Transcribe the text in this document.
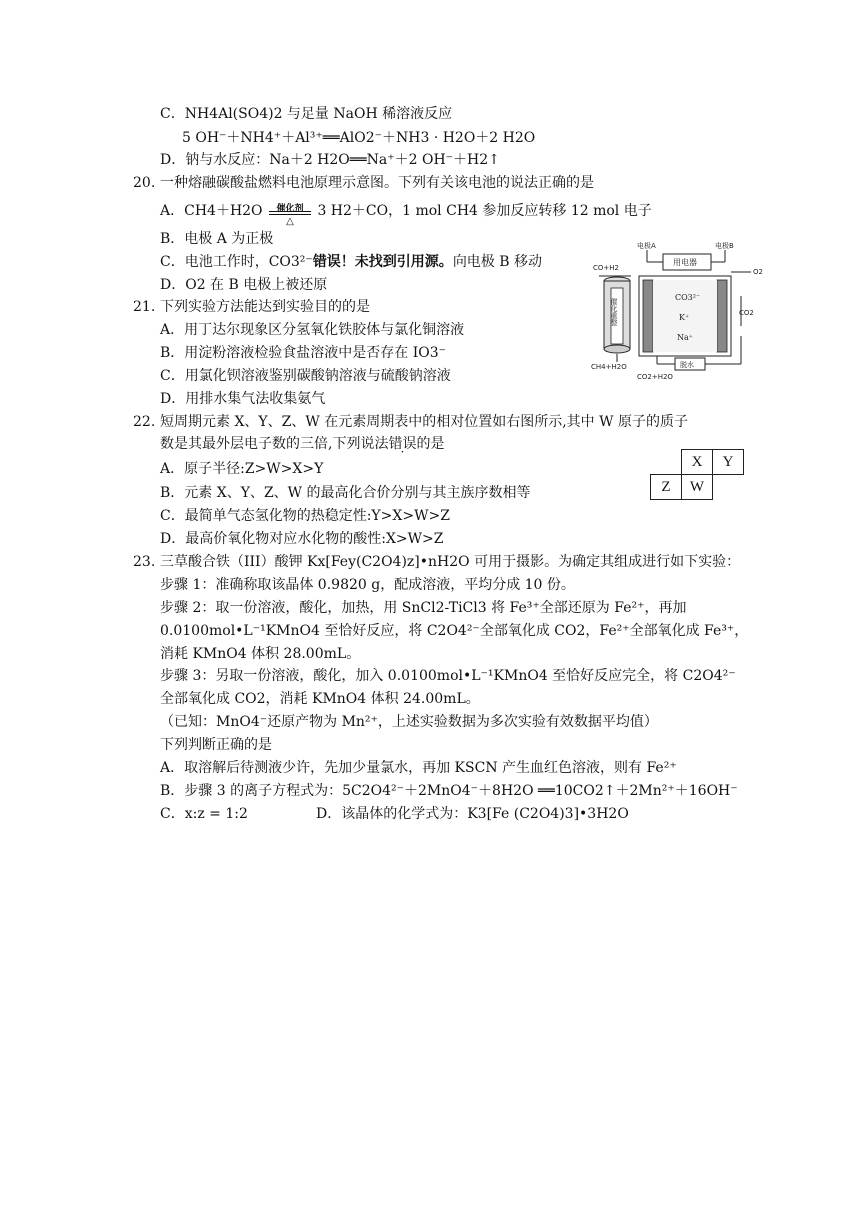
C．NH4Al(SO4)2 与足量 NaOH 稀溶液反应
5 OH⁻＋NH4⁺＋Al³⁺══AlO2⁻＋NH3 · H2O＋2 H2O
D．钠与水反应：Na＋2 H2O══Na⁺＋2 OH⁻＋H2↑
20. 一种熔融碳酸盐燃料电池原理示意图。下列有关该电池的说法正确的是
A．CH4＋H2O	催化剂
△
3 H2＋CO，1 mol CH4 参加反应转移 12 mol 电子
B．电极 A 为正极
C．电池工作时，CO3²⁻错误！未找到引用源。向电极 B 移动
D．O2 在 B 电极上被还原
电极A	电极B
CO+H2	O2
CO2
CH4+H2O
CO2+H2O
用电器
催化重整
CO3²⁻
K⁺
Na⁺
脱水
21. 下列实验方法能达到实验目的的是
A．用丁达尔现象区分氢氧化铁胶体与氯化铜溶液
B．用淀粉溶液检验食盐溶液中是否存在 IO3⁻
C．用氯化钡溶液鉴别碳酸钠溶液与硫酸钠溶液
D．用排水集气法收集氨气
22. 短周期元素 X、Y、Z、W 在元素周期表中的相对位置如右图所示,其中 W 原子的质子
数是其最外层电子数的三倍,下列说法错误的是
A．原子半径:Z>W>X>Y
B．元素 X、Y、Z、W 的最高化合价分别与其主族序数相等
C．最简单气态氢化物的热稳定性:Y>X>W>Z
D．最高价氧化物对应水化物的酸性:X>W>Z
	X	Y
Z	W	
23. 三草酸合铁（III）酸钾 Kx[Fey(C2O4)z]•nH2O 可用于摄影。为确定其组成进行如下实验：
步骤 1：准确称取该晶体 0.9820 g，配成溶液，平均分成 10 份。
步骤 2：取一份溶液，酸化，加热，用 SnCl2-TiCl3 将 Fe³⁺全部还原为 Fe²⁺，再加
0.0100mol•L⁻¹KMnO4 至恰好反应，将 C2O4²⁻全部氧化成 CO2，Fe²⁺全部氧化成 Fe³⁺，
消耗 KMnO4 体积 28.00mL。
步骤 3：另取一份溶液，酸化，加入 0.0100mol•L⁻¹KMnO4 至恰好反应完全，将 C2O4²⁻
全部氧化成 CO2，消耗 KMnO4 体积 24.00mL。
（已知：MnO4⁻还原产物为 Mn²⁺，上述实验数据为多次实验有效数据平均值）
下列判断正确的是
A．取溶解后待测液少许，先加少量氯水，再加 KSCN 产生血红色溶液，则有 Fe²⁺
B．步骤 3 的离子方程式为：5C2O4²⁻＋2MnO4⁻＋8H2O ══10CO2↑＋2Mn²⁺＋16OH⁻
C．x:z = 1:2	D．该晶体的化学式为：K3[Fe (C2O4)3]•3H2O
